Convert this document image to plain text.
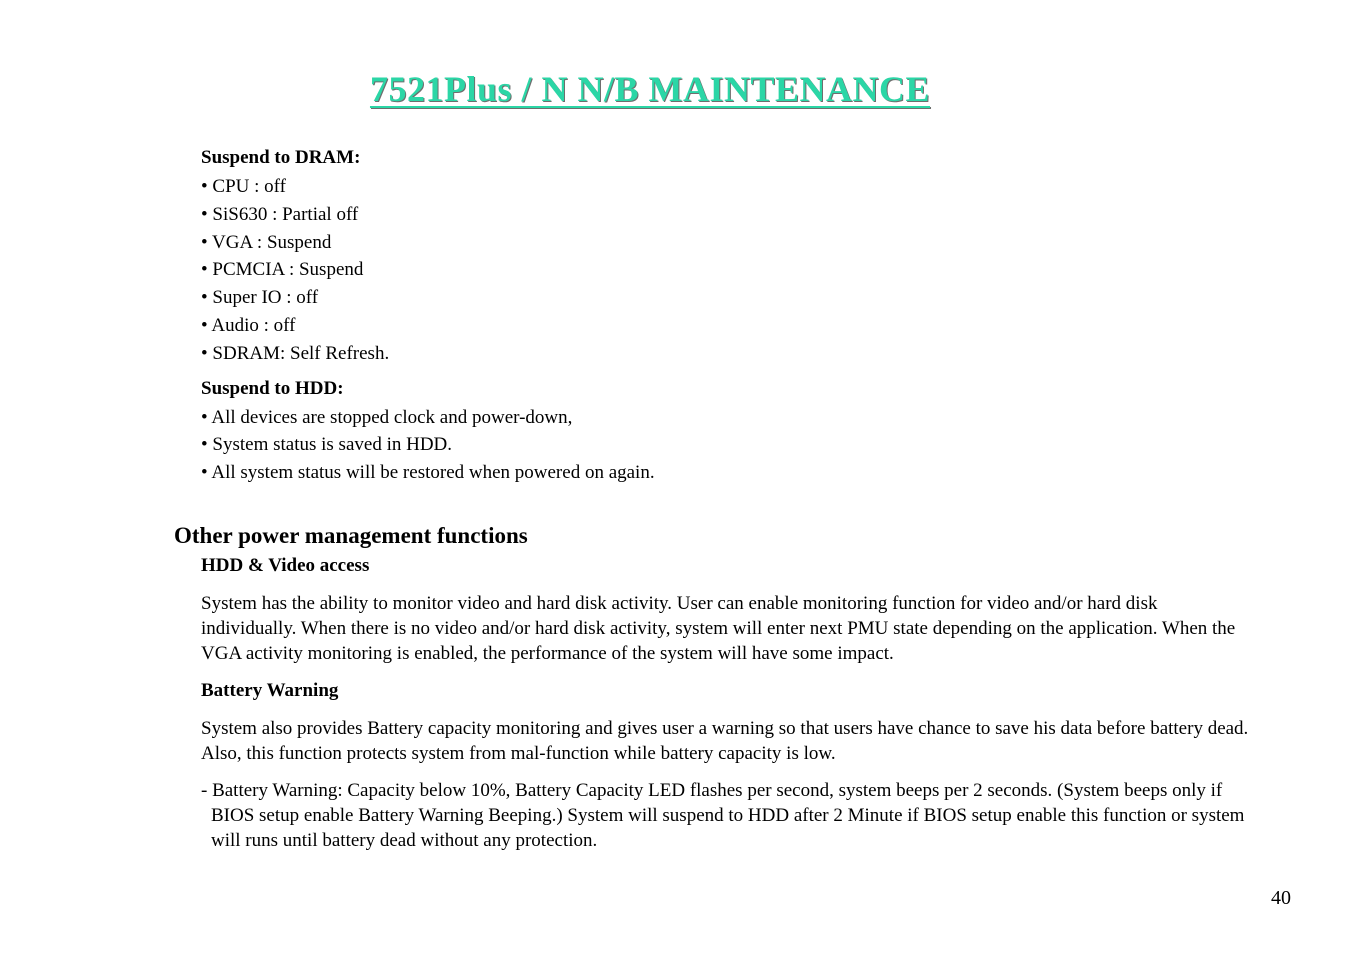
7521Plus / N N/B MAINTENANCE
Suspend to DRAM:
• CPU : off
• SiS630 : Partial off
• VGA : Suspend
• PCMCIA : Suspend
• Super IO : off
• Audio : off
• SDRAM: Self Refresh.
Suspend to HDD:
• All devices are stopped clock and power-down,
• System status is saved in HDD.
• All system status will be restored when powered on again.
Other power management functions
HDD & Video access

System has the ability to monitor video and hard disk activity. User can enable monitoring function for video and/or hard disk individually. When there is no video and/or hard disk activity, system will enter next PMU state depending on the application. When the VGA activity monitoring is enabled, the performance of the system will have some impact.

Battery Warning

System also provides Battery capacity monitoring and gives user a warning so that users have chance to save his data before battery dead. Also, this function protects system from mal-function while battery capacity is low.

- Battery Warning: Capacity below 10%, Battery Capacity LED flashes per second, system beeps per 2 seconds. (System beeps only if BIOS setup enable Battery Warning Beeping.) System will suspend to HDD after 2 Minute if BIOS setup enable this function or system will runs until battery dead without any protection.

40
